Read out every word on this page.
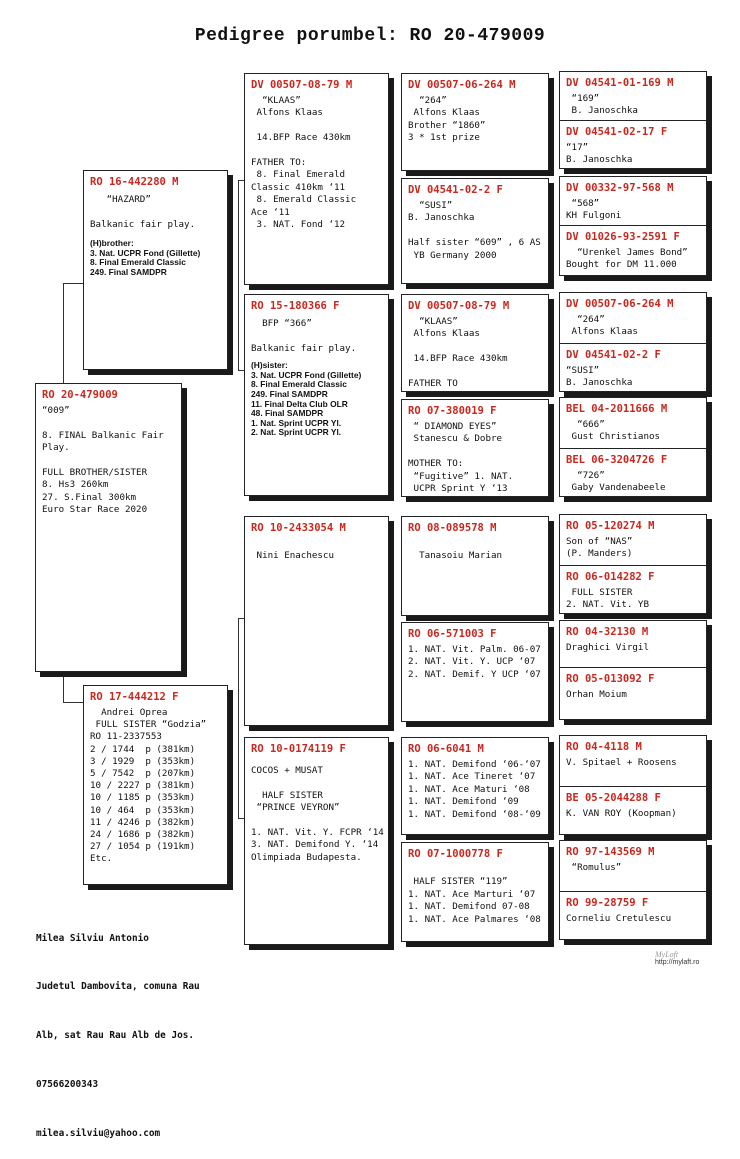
Pedigree porumbel: RO 20-479009
RO 20-479009
“009”

8. FINAL Balkanic Fair
Play.

FULL BROTHER/SISTER
8. Hs3 260km
27. S.Final 300km
Euro Star Race 2020
RO 16-442280 M
“HAZARD”

Balkanic fair play.
(H)brother:
3. Nat. UCPR Fond (Gillette)
8. Final Emerald Classic
249. Final SAMDPR
RO 17-444212 F
Andrei Oprea
FULL SISTER “Godzia”
RO 11-2337553
2 / 1744  p (381km)
3 / 1929  p (353km)
5 / 7542  p (207km)
10 / 2227 p (381km)
10 / 1185 p (353km)
10 / 464  p (353km)
11 / 4246 p (382km)
24 / 1686 p (382km)
27 / 1054 p (191km)
Etc.
DV 00507-08-79 M
“KLAAS”
Alfons Klaas

14.BFP Race 430km

FATHER TO:
8. Final Emerald
Classic 410km ‘11
8. Emerald Classic
Ace ‘11
3. NAT. Fond ‘12
RO 15-180366 F
BFP “366”

Balkanic fair play.
(H)sister:
3. Nat. UCPR Fond (Gillette)
8. Final Emerald Classic
249. Final SAMDPR
11. Final Delta Club OLR
48. Final SAMDPR
1. Nat. Sprint UCPR Yl.
2. Nat. Sprint UCPR Yl.
RO 10-2433054 M
Nini Enachescu
RO 10-0174119 F
COCOS + MUSAT

HALF SISTER
“PRINCE VEYRON”

1. NAT. Vit. Y. FCPR ‘14
3. NAT. Demifond Y. ‘14
Olimpiada Budapesta.
DV 00507-06-264 M
“264”
Alfons Klaas
Brother “1860”
3 * 1st prize
DV 04541-02-2 F
“SUSI”
B. Janoschka

Half sister “609” , 6 AS
YB Germany 2000
DV 00507-08-79 M
“KLAAS”
Alfons Klaas

14.BFP Race 430km

FATHER TO
RO 07-380019 F
“ DIAMOND EYES”
Stanescu & Dobre

MOTHER TO:
“Fugitive” 1. NAT.
UCPR Sprint Y ‘13
RO 08-089578 M

Tanasoiu Marian
RO 06-571003 F
1. NAT. Vit. Palm. 06-07
2. NAT. Vit. Y. UCP ‘07
2. NAT. Demif. Y UCP ‘07
RO 06-6041 M
1. NAT. Demifond ‘06-‘07
1. NAT. Ace Tineret ‘07
1. NAT. Ace Maturi ‘08
1. NAT. Demifond ‘09
1. NAT. Demifond ‘08-‘09
RO 07-1000778 F

HALF SISTER “119”
1. NAT. Ace Marturi ‘07
1. NAT. Demifond 07-08
1. NAT. Ace Palmares ‘08
DV 04541-01-169 M
“169”
B. Janoschka
DV 04541-02-17 F
“17”
B. Janoschka
DV 00332-97-568 M
“568”
KH Fulgoni
DV 01026-93-2591 F
“Urenkel James Bond”
Bought for DM 11.000
DV 00507-06-264 M
“264”
Alfons Klaas
DV 04541-02-2 F
“SUSI”
B. Janoschka
BEL 04-2011666 M
“666”
Gust Christianos
BEL 06-3204726 F
“726”
Gaby Vandenabeele
RO 05-120274 M
Son of “NAS”
(P. Manders)
RO 06-014282 F
FULL SISTER
2. NAT. Vit. YB
RO 04-32130 M
Draghici Virgil
RO 05-013092 F
Orhan Moium
RO 04-4118 M
V. Spitael + Roosens
BE 05-2044288 F
K. VAN ROY (Koopman)
RO 97-143569 M
“Romulus”
RO 99-28759 F
Corneliu Cretulescu

Milea Silviu Antonio

Judetul Dambovita, comuna Rau

Alb, sat Rau Rau Alb de Jos.

07566200343

milea.silviu@yahoo.com

MyLoft
http://mylaft.ro
